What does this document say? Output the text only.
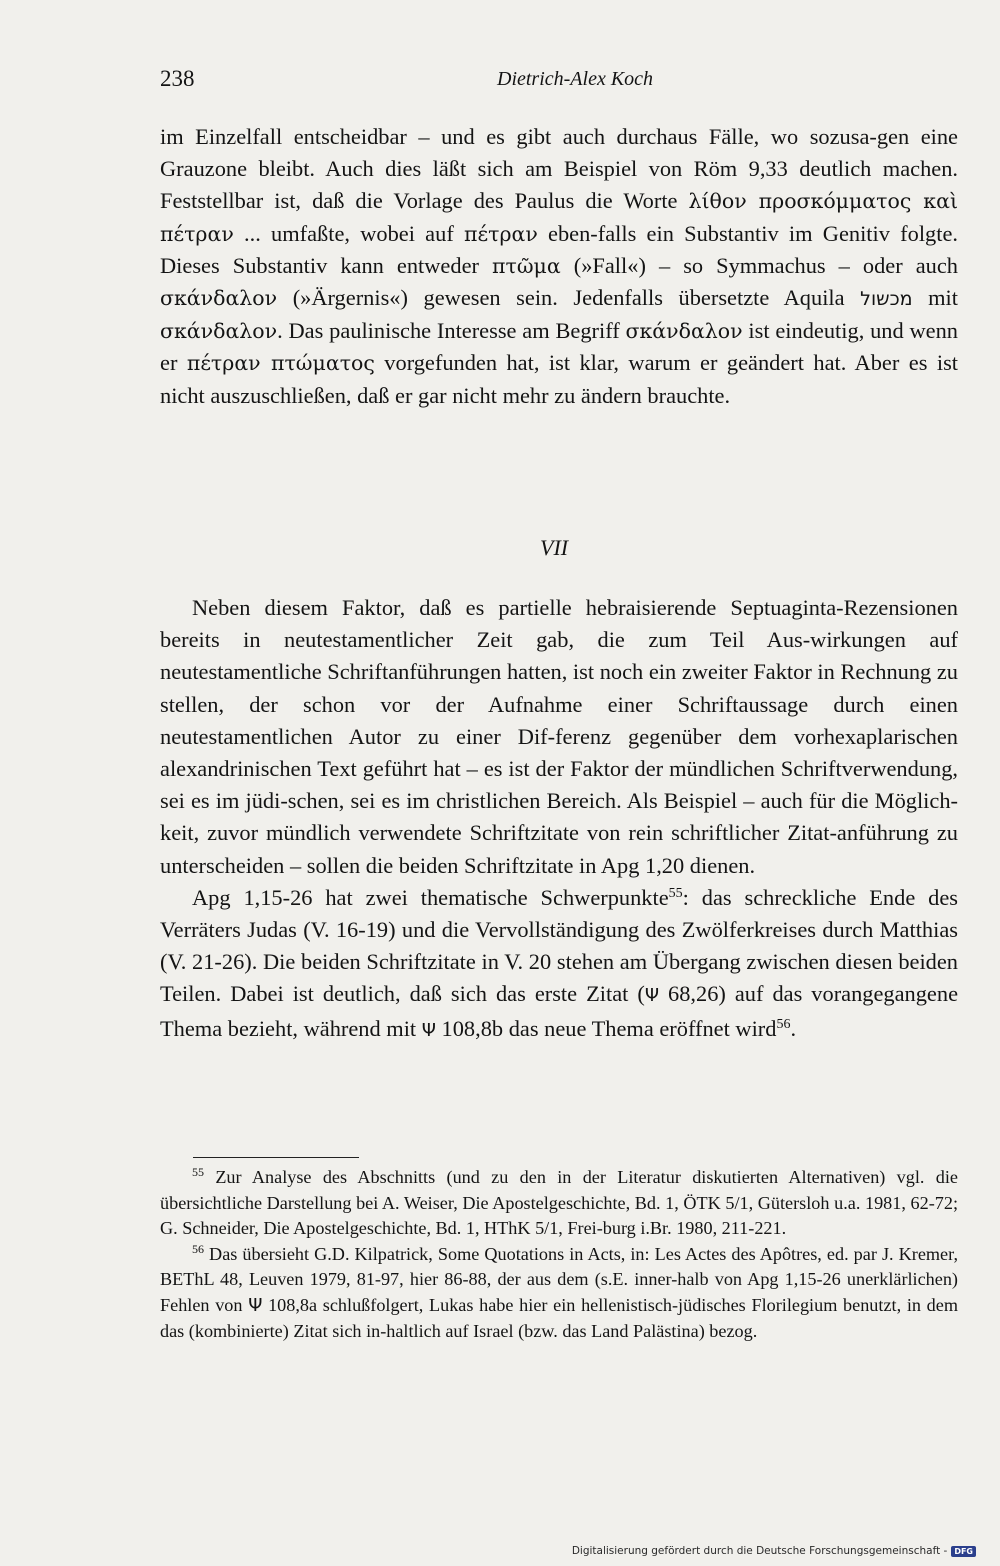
238	Dietrich-Alex Koch

im Einzelfall entscheidbar – und es gibt auch durchaus Fälle, wo sozusa-gen eine Grauzone bleibt. Auch dies läßt sich am Beispiel von Röm 9,33 deutlich machen. Feststellbar ist, daß die Vorlage des Paulus die Worte λίθον προσκόμματος καὶ πέτραν ... umfaßte, wobei auf πέτραν eben-falls ein Substantiv im Genitiv folgte. Dieses Substantiv kann entweder πτῶμα (»Fall«) – so Symmachus – oder auch σκάνδαλον (»Ärgernis«) gewesen sein. Jedenfalls übersetzte Aquila מכשול mit σκάνδαλον. Das paulinische Interesse am Begriff σκάνδαλον ist eindeutig, und wenn er πέτραν πτώματος vorgefunden hat, ist klar, warum er geändert hat. Aber es ist nicht auszuschließen, daß er gar nicht mehr zu ändern brauchte.

VII

Neben diesem Faktor, daß es partielle hebraisierende Septuaginta-Rezensionen bereits in neutestamentlicher Zeit gab, die zum Teil Aus-wirkungen auf neutestamentliche Schriftanführungen hatten, ist noch ein zweiter Faktor in Rechnung zu stellen, der schon vor der Aufnahme einer Schriftaussage durch einen neutestamentlichen Autor zu einer Dif-ferenz gegenüber dem vorhexaplarischen alexandrinischen Text geführt hat – es ist der Faktor der mündlichen Schriftverwendung, sei es im jüdi-schen, sei es im christlichen Bereich. Als Beispiel – auch für die Möglich-keit, zuvor mündlich verwendete Schriftzitate von rein schriftlicher Zitat-anführung zu unterscheiden – sollen die beiden Schriftzitate in Apg 1,20 dienen.

Apg 1,15-26 hat zwei thematische Schwerpunkte$^{55}$: das schreckliche Ende des Verräters Judas (V. 16-19) und die Vervollständigung des Zwölferkreises durch Matthias (V. 21-26). Die beiden Schriftzitate in V. 20 stehen am Übergang zwischen diesen beiden Teilen. Dabei ist deutlich, daß sich das erste Zitat (Ψ 68,26) auf das vorangegangene Thema bezieht, während mit Ψ 108,8b das neue Thema eröffnet wird$^{56}$.

$^{55}$ Zur Analyse des Abschnitts (und zu den in der Literatur diskutierten Alternativen) vgl. die übersichtliche Darstellung bei A. Weiser, Die Apostelgeschichte, Bd. 1, ÖTK 5/1, Gütersloh u.a. 1981, 62-72; G. Schneider, Die Apostelgeschichte, Bd. 1, HThK 5/1, Frei-burg i.Br. 1980, 211-221.

$^{56}$ Das übersieht G.D. Kilpatrick, Some Quotations in Acts, in: Les Actes des Apôtres, ed. par J. Kremer, BEThL 48, Leuven 1979, 81-97, hier 86-88, der aus dem (s.E. inner-halb von Apg 1,15-26 unerklärlichen) Fehlen von Ψ 108,8a schlußfolgert, Lukas habe hier ein hellenistisch-jüdisches Florilegium benutzt, in dem das (kombinierte) Zitat sich in-haltlich auf Israel (bzw. das Land Palästina) bezog.

Digitalisierung gefördert durch die Deutsche Forschungsgemeinschaft - DFG
